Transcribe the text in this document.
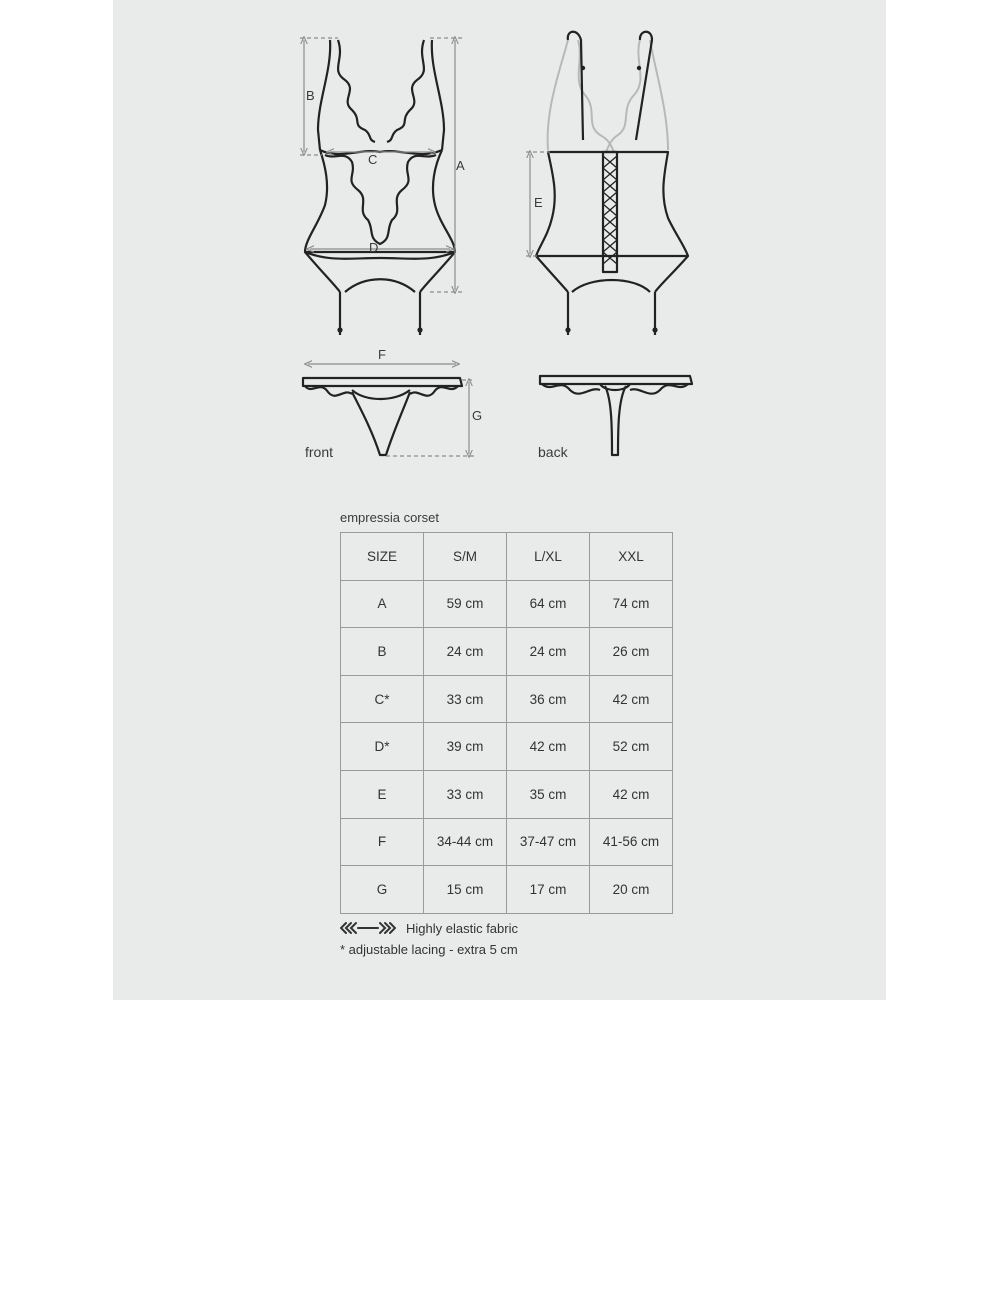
B
A
C
D
E
F
G
front	back
empressia corset
SIZE	S/M	L/XL	XXL
A	59 cm	64 cm	74 cm
B	24 cm	24 cm	26 cm
C*	33 cm	36 cm	42 cm
D*	39 cm	42 cm	52 cm
E	33 cm	35 cm	42 cm
F	34-44 cm	37-47 cm	41-56 cm
G	15 cm	17 cm	20 cm
Highly elastic fabric
* adjustable lacing - extra 5 cm
